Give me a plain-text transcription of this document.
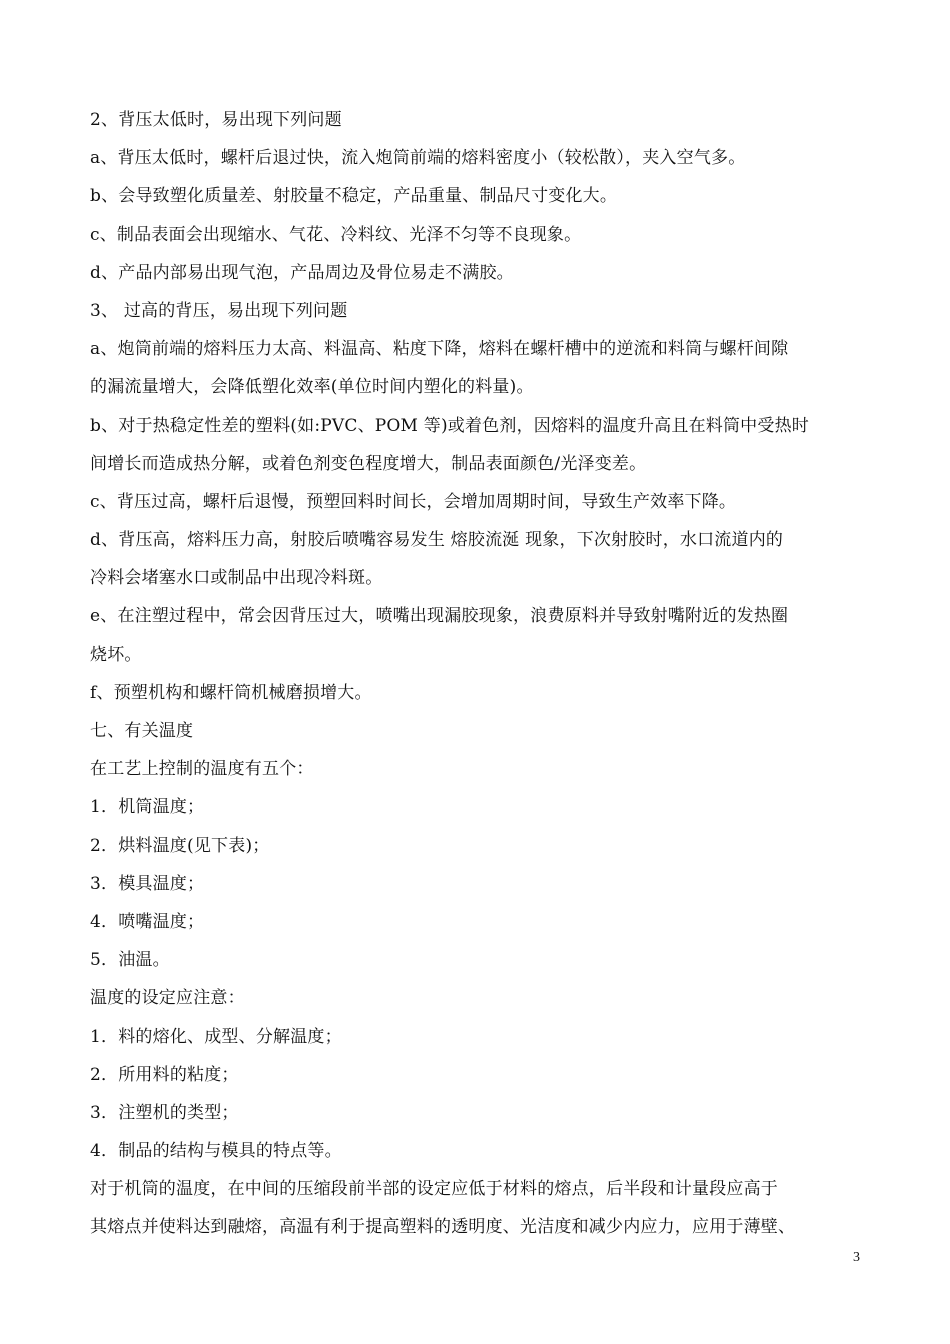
2、背压太低时，易出现下列问题
a、背压太低时，螺杆后退过快，流入炮筒前端的熔料密度小（较松散），夹入空气多。
b、会导致塑化质量差、射胶量不稳定，产品重量、制品尺寸变化大。
c、制品表面会出现缩水、气花、冷料纹、光泽不匀等不良现象。
d、产品内部易出现气泡，产品周边及骨位易走不满胶。
3、 过高的背压，易出现下列问题
a、炮筒前端的熔料压力太高、料温高、粘度下降，熔料在螺杆槽中的逆流和料筒与螺杆间隙
的漏流量增大，会降低塑化效率(单位时间内塑化的料量)。
b、对于热稳定性差的塑料(如:PVC、POM 等)或着色剂，因熔料的温度升高且在料筒中受热时
间增长而造成热分解，或着色剂变色程度增大，制品表面颜色/光泽变差。
c、背压过高，螺杆后退慢，预塑回料时间长，会增加周期时间，导致生产效率下降。
d、背压高，熔料压力高，射胶后喷嘴容易发生 熔胶流涎 现象，下次射胶时，水口流道内的
冷料会堵塞水口或制品中出现冷料斑。
e、在注塑过程中，常会因背压过大，喷嘴出现漏胶现象，浪费原料并导致射嘴附近的发热圈
烧坏。
f、预塑机构和螺杆筒机械磨损增大。
七、有关温度
在工艺上控制的温度有五个：
1．机筒温度；
2．烘料温度(见下表)；
3．模具温度；
4．喷嘴温度；
5．油温。
温度的设定应注意：
1．料的熔化、成型、分解温度；
2．所用料的粘度；
3．注塑机的类型；
4．制品的结构与模具的特点等。
对于机筒的温度，在中间的压缩段前半部的设定应低于材料的熔点，后半段和计量段应高于
其熔点并使料达到融熔，高温有利于提高塑料的透明度、光洁度和减少内应力，应用于薄壁、
3
